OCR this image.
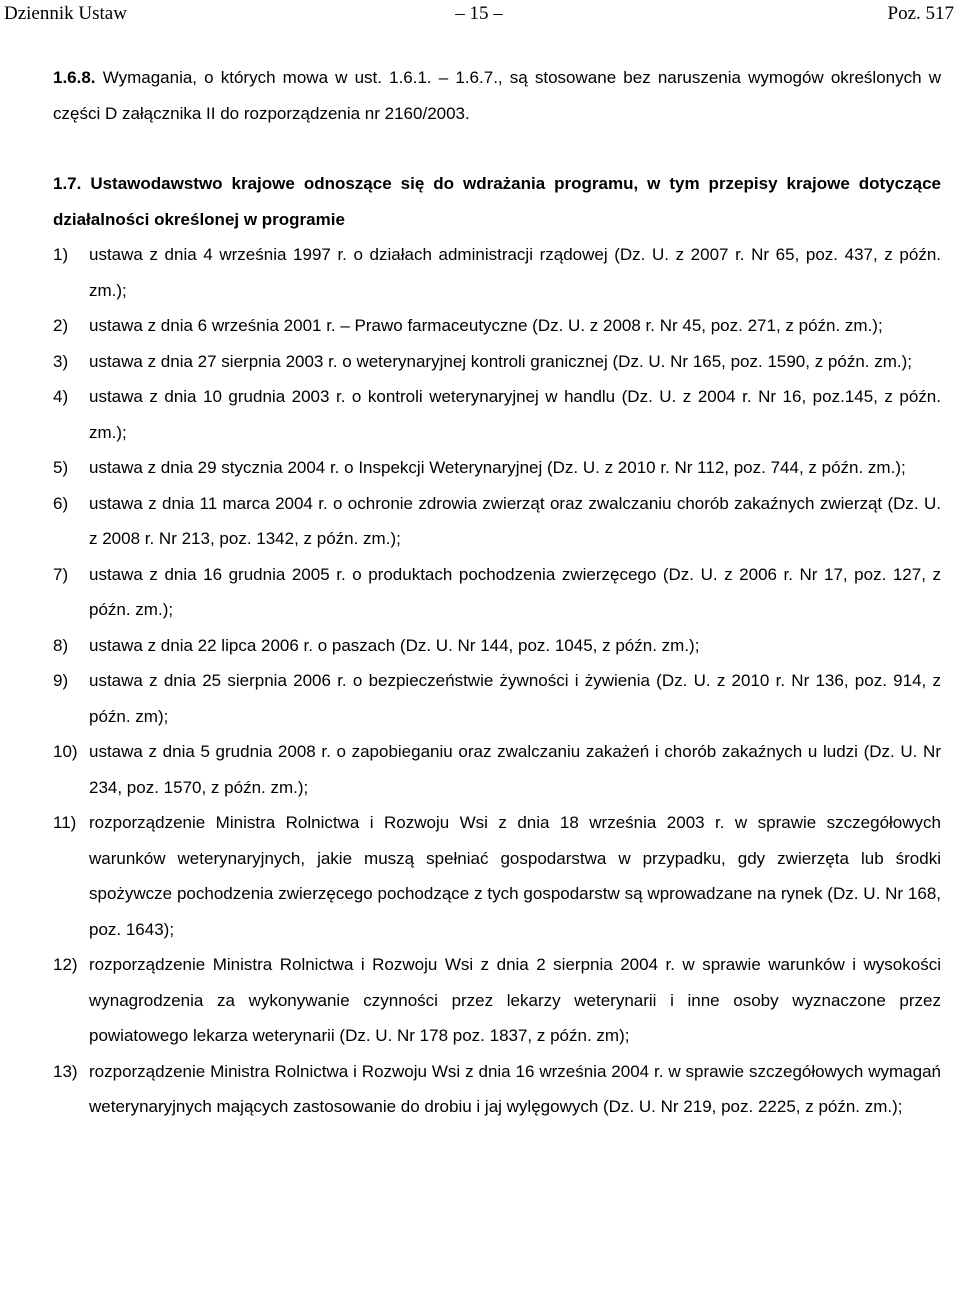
Dziennik Ustaw	– 15 –	Poz. 517
1.6.8. Wymagania, o których mowa w ust. 1.6.1. – 1.6.7., są stosowane bez naruszenia wymogów określonych w części D załącznika II do rozporządzenia nr 2160/2003.
1.7. Ustawodawstwo krajowe odnoszące się do wdrażania programu, w tym przepisy krajowe dotyczące działalności określonej w programie
1) ustawa z dnia 4 września 1997 r. o działach administracji rządowej (Dz. U. z 2007 r. Nr 65, poz. 437, z późn. zm.);
2) ustawa z dnia 6 września 2001 r. – Prawo farmaceutyczne (Dz. U. z 2008 r. Nr 45, poz. 271, z późn. zm.);
3) ustawa z dnia 27 sierpnia 2003 r. o weterynaryjnej kontroli granicznej (Dz. U. Nr 165, poz. 1590, z późn. zm.);
4) ustawa z dnia 10 grudnia 2003 r. o kontroli weterynaryjnej w handlu (Dz. U. z 2004 r. Nr 16, poz.145, z późn. zm.);
5) ustawa z dnia 29 stycznia 2004 r. o Inspekcji Weterynaryjnej (Dz. U. z 2010 r. Nr 112, poz. 744, z późn. zm.);
6) ustawa z dnia 11 marca 2004 r. o ochronie zdrowia zwierząt oraz zwalczaniu chorób zakaźnych zwierząt (Dz. U. z 2008 r. Nr 213, poz. 1342, z późn. zm.);
7) ustawa z dnia 16 grudnia 2005 r. o produktach pochodzenia zwierzęcego (Dz. U. z 2006 r. Nr 17, poz. 127, z późn. zm.);
8) ustawa z dnia 22 lipca 2006 r. o paszach (Dz. U. Nr 144, poz. 1045, z późn. zm.);
9) ustawa z dnia 25 sierpnia 2006 r. o bezpieczeństwie żywności i żywienia (Dz. U. z 2010 r. Nr 136, poz. 914, z późn. zm);
10) ustawa z dnia 5 grudnia 2008 r. o zapobieganiu oraz zwalczaniu zakażeń i chorób zakaźnych u ludzi (Dz. U. Nr 234, poz. 1570, z późn. zm.);
11) rozporządzenie Ministra Rolnictwa i Rozwoju Wsi z dnia 18 września 2003 r. w sprawie szczegółowych warunków weterynaryjnych, jakie muszą spełniać gospodarstwa w przypadku, gdy zwierzęta lub środki spożywcze pochodzenia zwierzęcego pochodzące z tych gospodarstw są wprowadzane na rynek (Dz. U. Nr 168, poz. 1643);
12) rozporządzenie Ministra Rolnictwa i Rozwoju Wsi z dnia 2 sierpnia 2004 r. w sprawie warunków i wysokości wynagrodzenia za wykonywanie czynności przez lekarzy weterynarii i inne osoby wyznaczone przez powiatowego lekarza weterynarii (Dz. U. Nr 178 poz. 1837, z późn. zm);
13) rozporządzenie Ministra Rolnictwa i Rozwoju Wsi z dnia 16 września 2004 r. w sprawie szczegółowych wymagań weterynaryjnych mających zastosowanie do drobiu i jaj wylęgowych (Dz. U. Nr 219, poz. 2225, z późn. zm.);
